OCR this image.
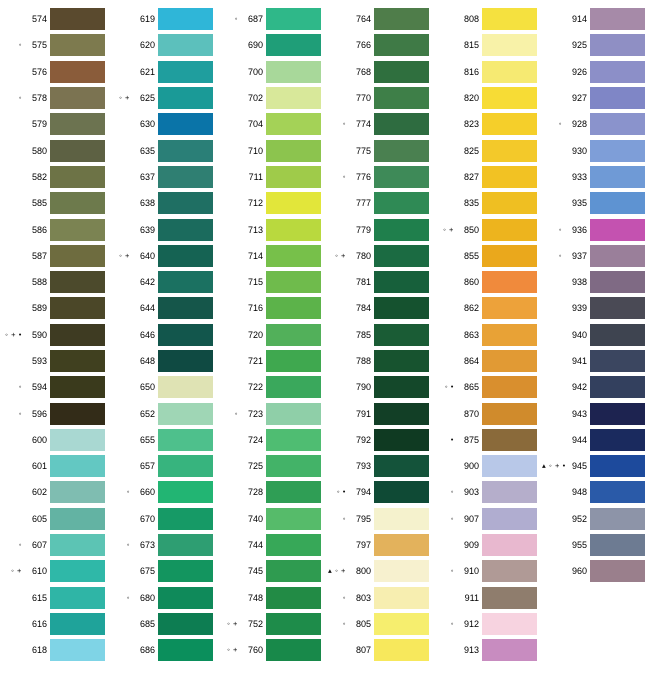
574
◦	575
576
◦	578
579
580
582
585
586
587
588
589
◦ + •	590
593
◦	594
◦	596
600
601
602
605
◦	607
◦ +	610
615
616
618
619
620
621
◦ +	625
630
635
637
638
639
◦ +	640
642
644
646
648
650
652
655
657
◦	660
670
◦	673
675
◦	680
685
686
◦	687
690
700
702
704
710
711
712
713
714
715
716
720
721
722
◦	723
724
725
728
740
744
745
748
◦ +	752
◦ +	760
764
766
768
770
◦	774
775
◦	776
777
779
◦ +	780
781
784
785
788
790
791
792
793
◦ •	794
◦	795
797
▴ ◦ +	800
◦	803
◦	805
807
808
815
816
820
823
825
827
835
◦ +	850
855
860
862
863
864
◦ •	865
870
•	875
900
◦	903
◦	907
909
◦	910
911
◦	912
913
914
925
926
927
◦	928
930
933
935
◦	936
◦	937
938
939
940
941
942
943
944
▴ ◦ + • 945
948
952
955
960
